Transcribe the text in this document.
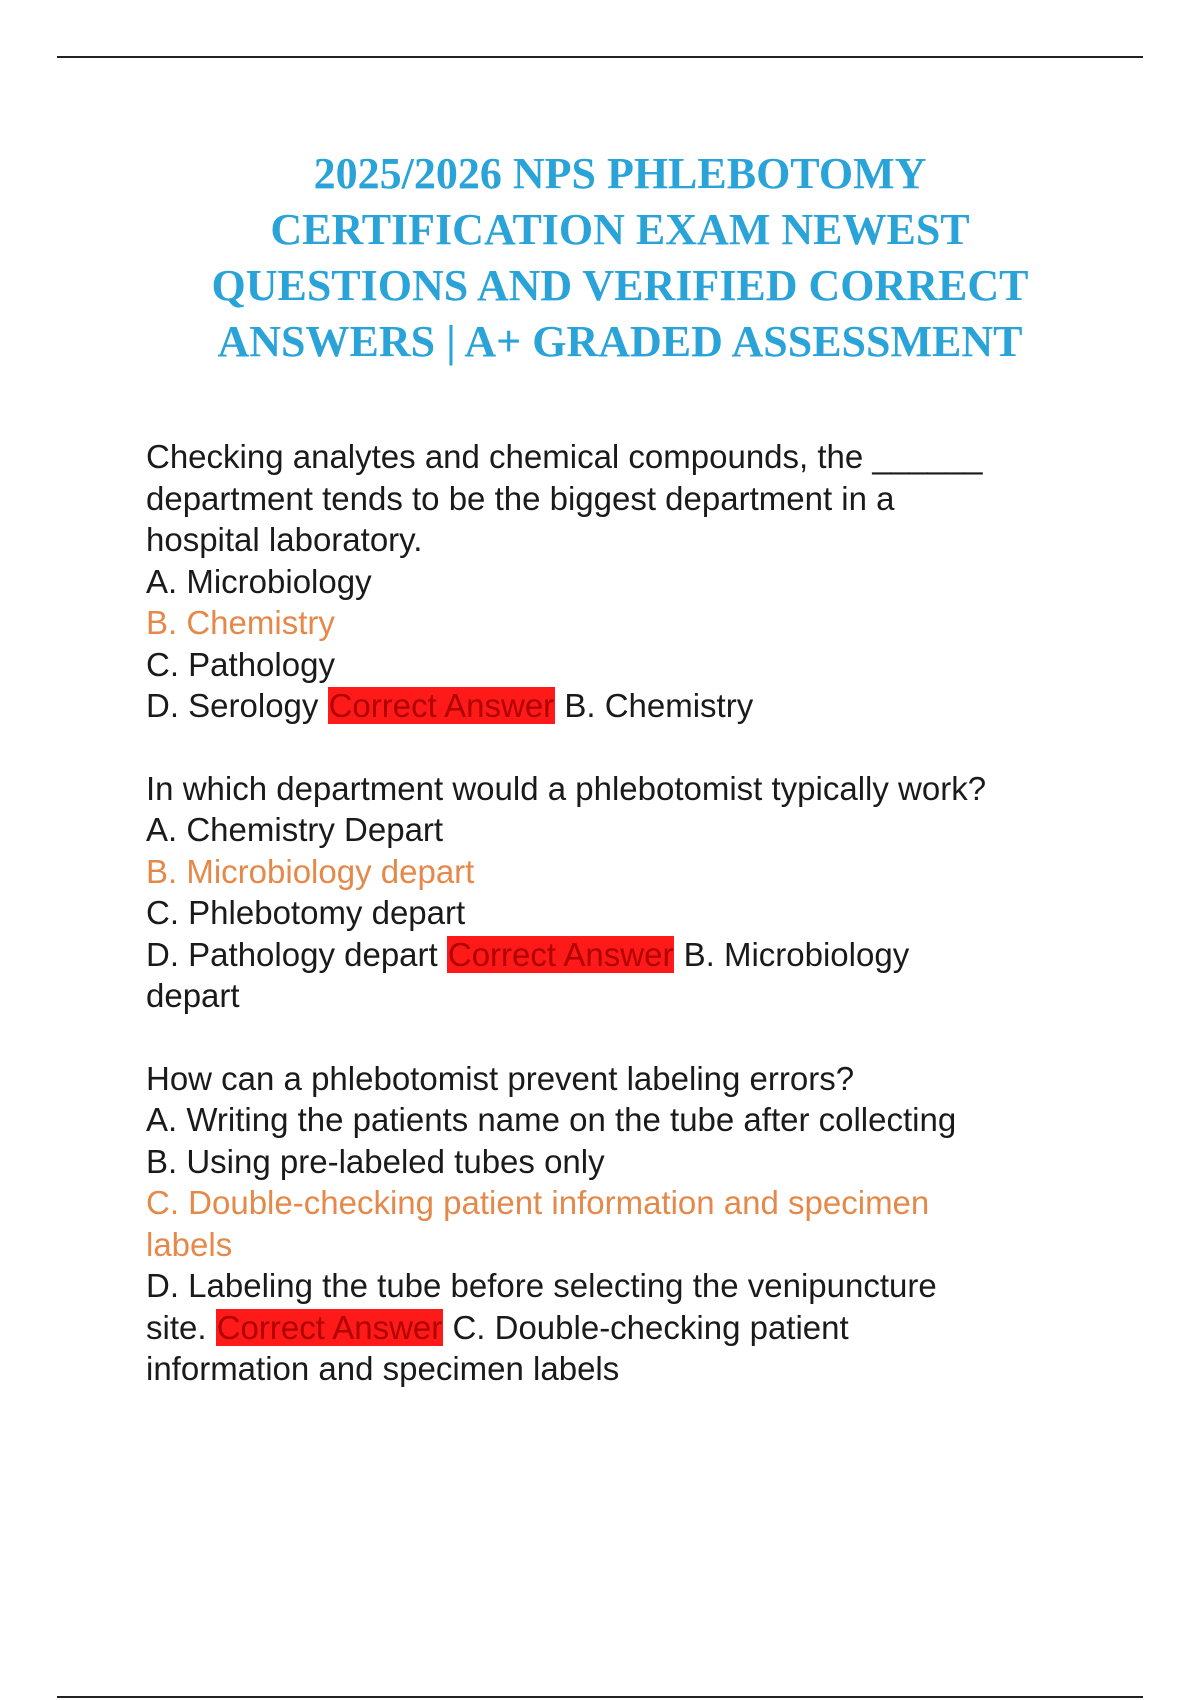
2025/2026 NPS PHLEBOTOMY
CERTIFICATION EXAM NEWEST
QUESTIONS AND VERIFIED CORRECT
ANSWERS | A+ GRADED ASSESSMENT
Checking analytes and chemical compounds, the ______
department tends to be the biggest department in a
hospital laboratory.
A. Microbiology
B. Chemistry
C. Pathology
D. Serology Correct Answer B. Chemistry
In which department would a phlebotomist typically work?
A. Chemistry Depart
B. Microbiology depart
C. Phlebotomy depart
D. Pathology depart Correct Answer B. Microbiology
depart
How can a phlebotomist prevent labeling errors?
A. Writing the patients name on the tube after collecting
B. Using pre-labeled tubes only
C. Double-checking patient information and specimen
labels
D. Labeling the tube before selecting the venipuncture
site. Correct Answer C. Double-checking patient
information and specimen labels
